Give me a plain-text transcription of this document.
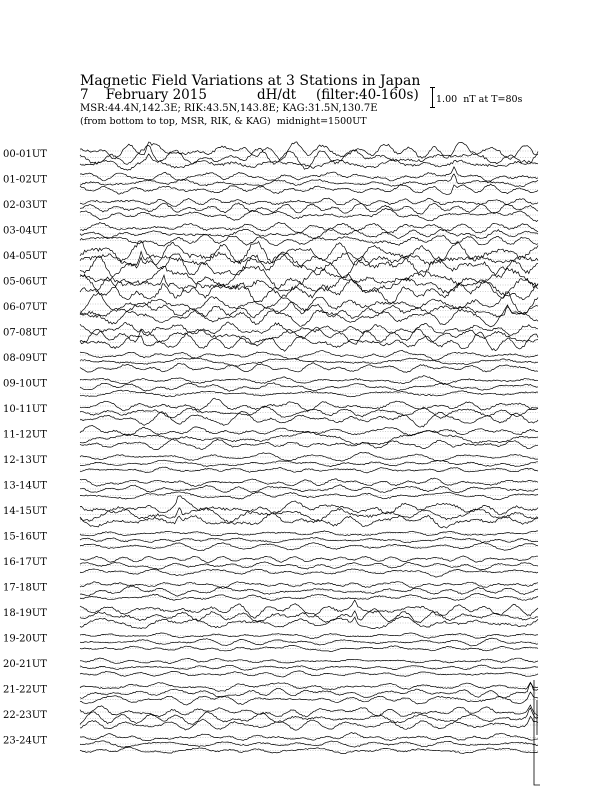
Magnetic Field Variations at 3 Stations in Japan
7    February 2015	dH/dt (filter:40-160s)
MSR:44.4N,142.3E; RIK:43.5N,143.8E; KAG:31.5N,130.7E
(from bottom to top, MSR, RIK, & KAG)  midnight=1500UT
1.00  nT at T=80s
00-01UT
01-02UT
02-03UT
03-04UT
04-05UT
05-06UT
06-07UT
07-08UT
08-09UT
09-10UT
10-11UT
11-12UT
12-13UT
13-14UT
14-15UT
15-16UT
16-17UT
17-18UT
18-19UT
19-20UT
20-21UT
21-22UT
22-23UT
23-24UT
